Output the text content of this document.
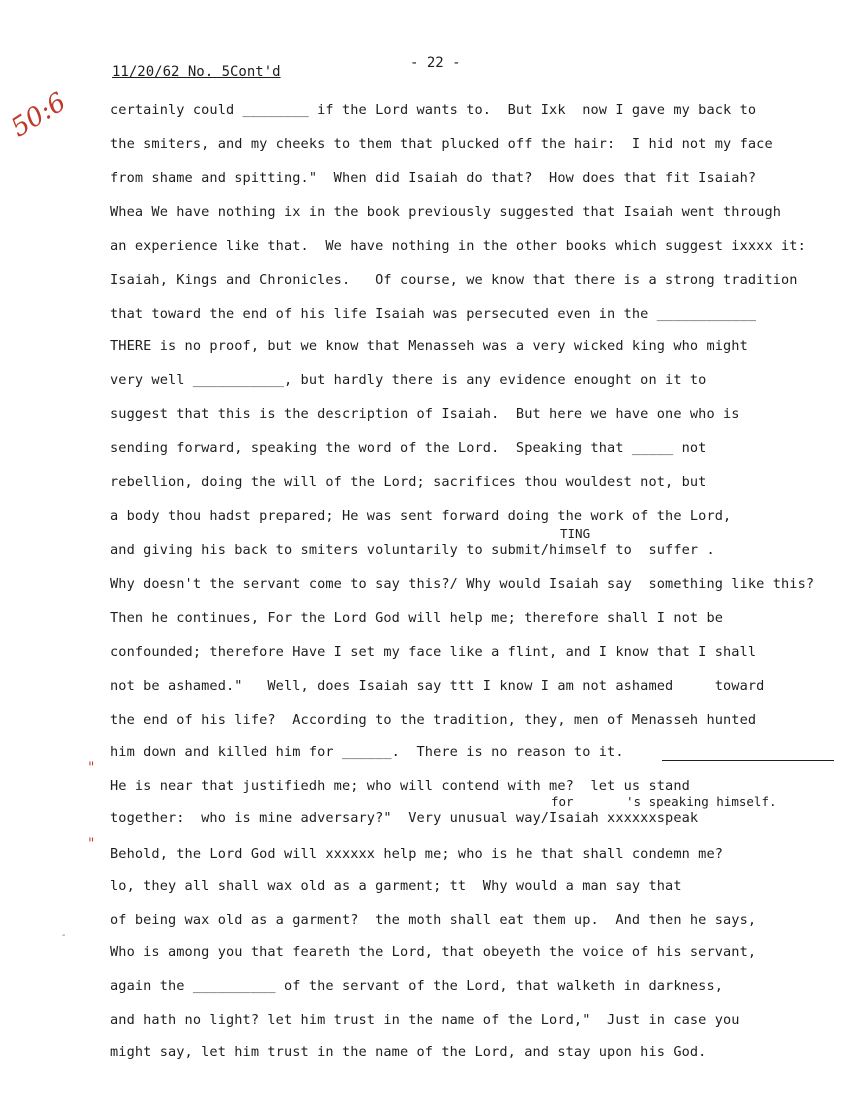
11/20/62 No. 5Cont'd
- 22 -
50:6
"
"
-
TING
for	's speaking himself.
certainly could ________ if the Lord wants to.  But Ixk  now I gave my back to
the smiters, and my cheeks to them that plucked off the hair:  I hid not my face
from shame and spitting."  When did Isaiah do that?  How does that fit Isaiah?
Whea We have nothing ix in the book previously suggested that Isaiah went through
an experience like that.  We have nothing in the other books which suggest ixxxx it:
Isaiah, Kings and Chronicles.   Of course, we know that there is a strong tradition
that toward the end of his life Isaiah was persecuted even in the ____________
THERE is no proof, but we know that Menasseh was a very wicked king who might
very well ___________, but hardly there is any evidence enought on it to
suggest that this is the description of Isaiah.  But here we have one who is
sending forward, speaking the word of the Lord.  Speaking that _____ not
rebellion, doing the will of the Lord; sacrifices thou wouldest not, but
a body thou hadst prepared; He was sent forward doing the work of the Lord,
and giving his back to smiters voluntarily to submit/himself to  suffer .
Why doesn't the servant come to say this?/ Why would Isaiah say  something like this?
Then he continues, For the Lord God will help me; therefore shall I not be
confounded; therefore Have I set my face like a flint, and I know that I shall
not be ashamed."   Well, does Isaiah say ttt I know I am not ashamed     toward
the end of his life?  According to the tradition, they, men of Menasseh hunted
him down and killed him for ______.  There is no reason to it.
He is near that justifiedh me; who will contend with me?  let us stand
together:  who is mine adversary?"  Very unusual way/Isaiah xxxxxxspeak
Behold, the Lord God will xxxxxx help me; who is he that shall condemn me?
lo, they all shall wax old as a garment; tt  Why would a man say that
of being wax old as a garment?  the moth shall eat them up.  And then he says,
Who is among you that feareth the Lord, that obeyeth the voice of his servant,
again the __________ of the servant of the Lord, that walketh in darkness,
and hath no light? let him trust in the name of the Lord,"  Just in case you
might say, let him trust in the name of the Lord, and stay upon his God.
